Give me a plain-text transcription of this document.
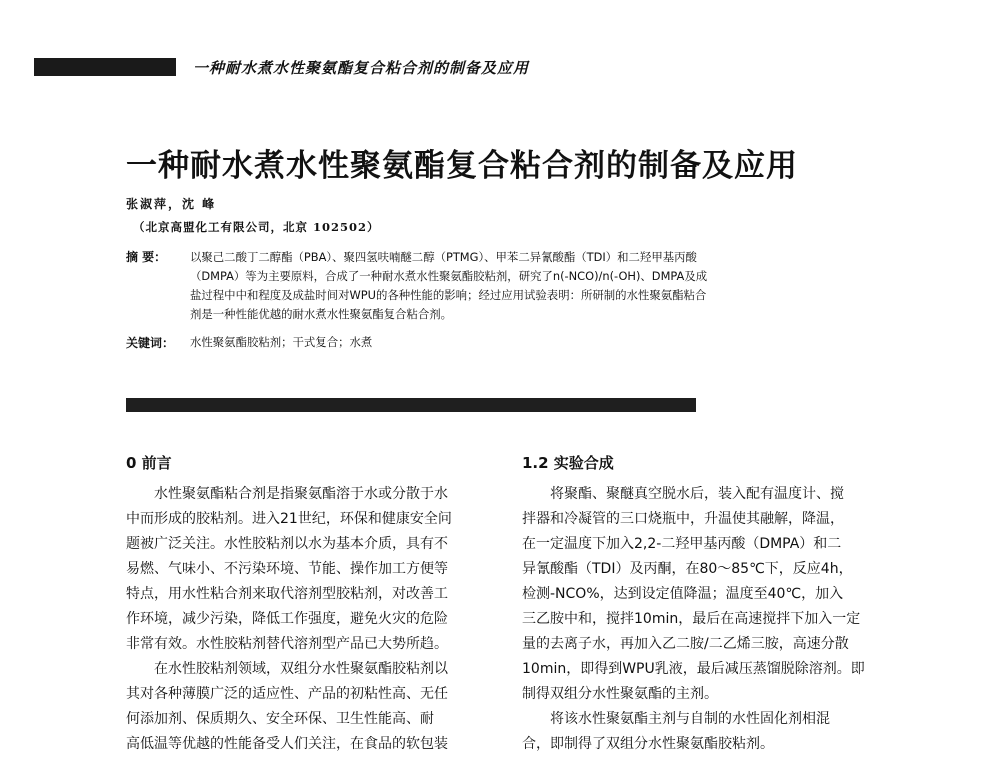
一种耐水煮水性聚氨酯复合粘合剂的制备及应用
一种耐水煮水性聚氨酯复合粘合剂的制备及应用
张淑萍，沈 峰
（北京高盟化工有限公司，北京 102502）
摘 要： 以聚己二酸丁二醇酯（PBA）、聚四氢呋喃醚二醇（PTMG）、甲苯二异氰酸酯（TDI）和二羟甲基丙酸
（DMPA）等为主要原料，合成了一种耐水煮水性聚氨酯胶粘剂，研究了n(-NCO)/n(-OH)、DMPA及成
盐过程中中和程度及成盐时间对WPU的各种性能的影响；经过应用试验表明：所研制的水性聚氨酯粘合
剂是一种性能优越的耐水煮水性聚氨酯复合粘合剂。
关键词： 水性聚氨酯胶粘剂；干式复合；水煮
0 前言

水性聚氨酯粘合剂是指聚氨酯溶于水或分散于水
中而形成的胶粘剂。进入21世纪，环保和健康安全问
题被广泛关注。水性胶粘剂以水为基本介质，具有不
易燃、气味小、不污染环境、节能、操作加工方便等
特点，用水性粘合剂来取代溶剂型胶粘剂，对改善工
作环境，减少污染，降低工作强度，避免火灾的危险
非常有效。水性胶粘剂替代溶剂型产品已大势所趋。

在水性胶粘剂领域，双组分水性聚氨酯胶粘剂以
其对各种薄膜广泛的适应性、产品的初粘性高、无任
何添加剂、保质期久、安全环保、卫生性能高、耐
高低温等优越的性能备受人们关注，在食品的软包装

1.2 实验合成

将聚酯、聚醚真空脱水后，装入配有温度计、搅
拌器和冷凝管的三口烧瓶中，升温使其融解，降温，
在一定温度下加入2,2-二羟甲基丙酸（DMPA）和二
异氰酸酯（TDI）及丙酮，在80～85℃下，反应4h，
检测-NCO%，达到设定值降温；温度至40℃，加入
三乙胺中和，搅拌10min，最后在高速搅拌下加入一定
量的去离子水，再加入乙二胺/二乙烯三胺，高速分散
10min，即得到WPU乳液，最后减压蒸馏脱除溶剂。即
制得双组分水性聚氨酯的主剂。

将该水性聚氨酯主剂与自制的水性固化剂相混
合，即制得了双组分水性聚氨酯胶粘剂。
